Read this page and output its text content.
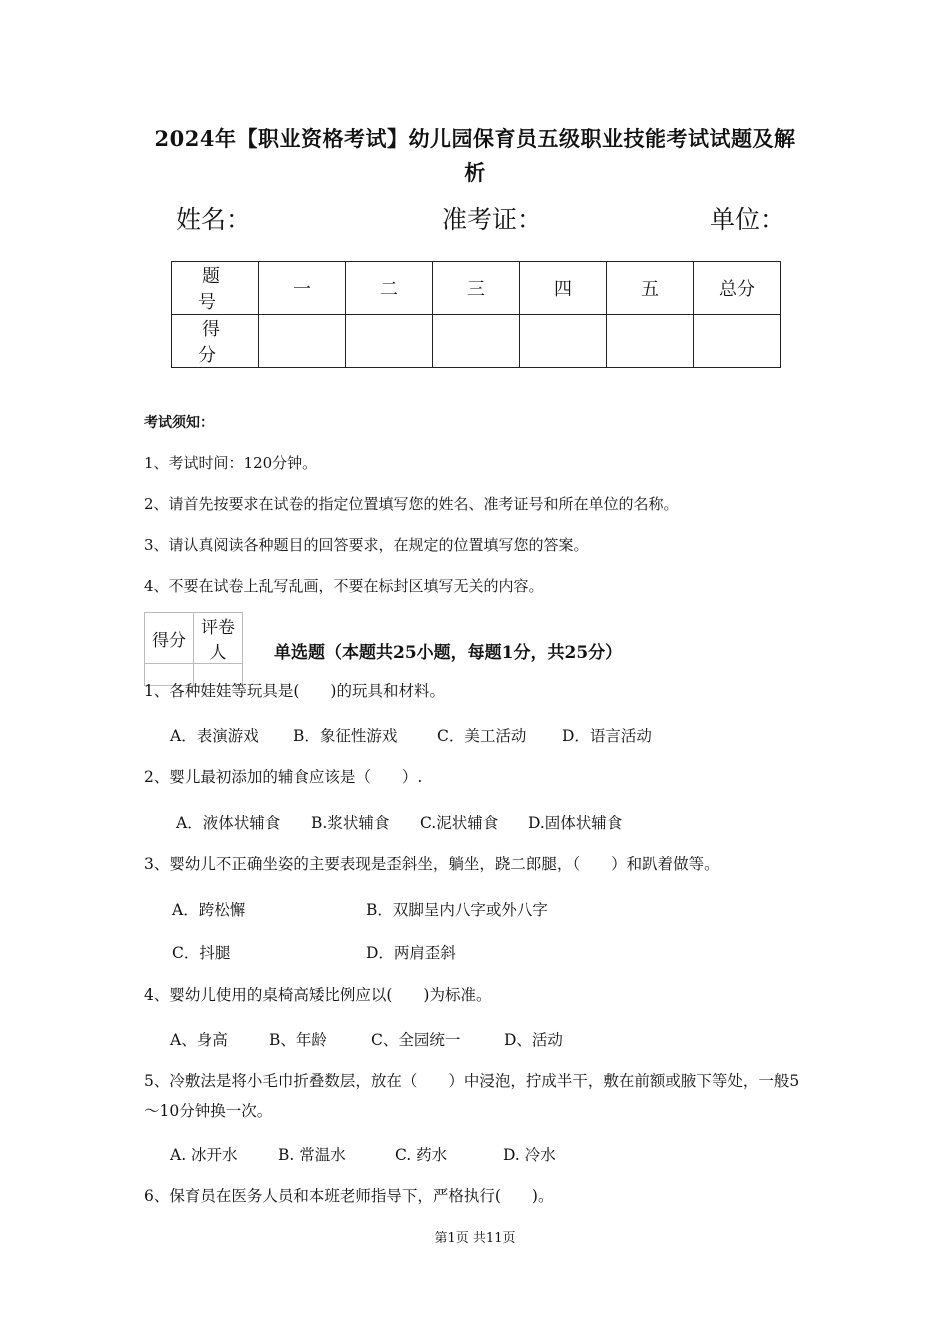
2024年【职业资格考试】幼儿园保育员五级职业技能考试试题及解
析
姓名：	准考证：	单位：
题　号	一	二	三	四	五	总分
得　分						
考试须知：
1、考试时间：120分钟。
2、请首先按要求在试卷的指定位置填写您的姓名、准考证号和所在单位的名称。
3、请认真阅读各种题目的回答要求，在规定的位置填写您的答案。
4、不要在试卷上乱写乱画，不要在标封区填写无关的内容。
得分	评卷人
		单选题（本题共25小题，每题1分，共25分）
1、各种娃娃等玩具是(　　)的玩具和材料。
A．表演游戏 B．象征性游戏	C．美工活动 D．语言活动
2、婴儿最初添加的辅食应该是（　　）.
A．液体状辅食 B.浆状辅食 C.泥状辅食 D.固体状辅食
3、婴幼儿不正确坐姿的主要表现是歪斜坐，躺坐，跷二郎腿，（　　）和趴着做等。
A．跨松懈	B．双脚呈内八字或外八字
C．抖腿	D．两肩歪斜
4、婴幼儿使用的桌椅高矮比例应以(　　)为标准。
A、身高	B、年龄	C、全园统一	D、活动
5、冷敷法是将小毛巾折叠数层，放在（　　）中浸泡，拧成半干，敷在前额或腋下等处，一般5～10分钟换一次。
A. 冰开水	B. 常温水	C. 药水	D. 冷水
6、保育员在医务人员和本班老师指导下，严格执行(　　)。
第1页 共11页
